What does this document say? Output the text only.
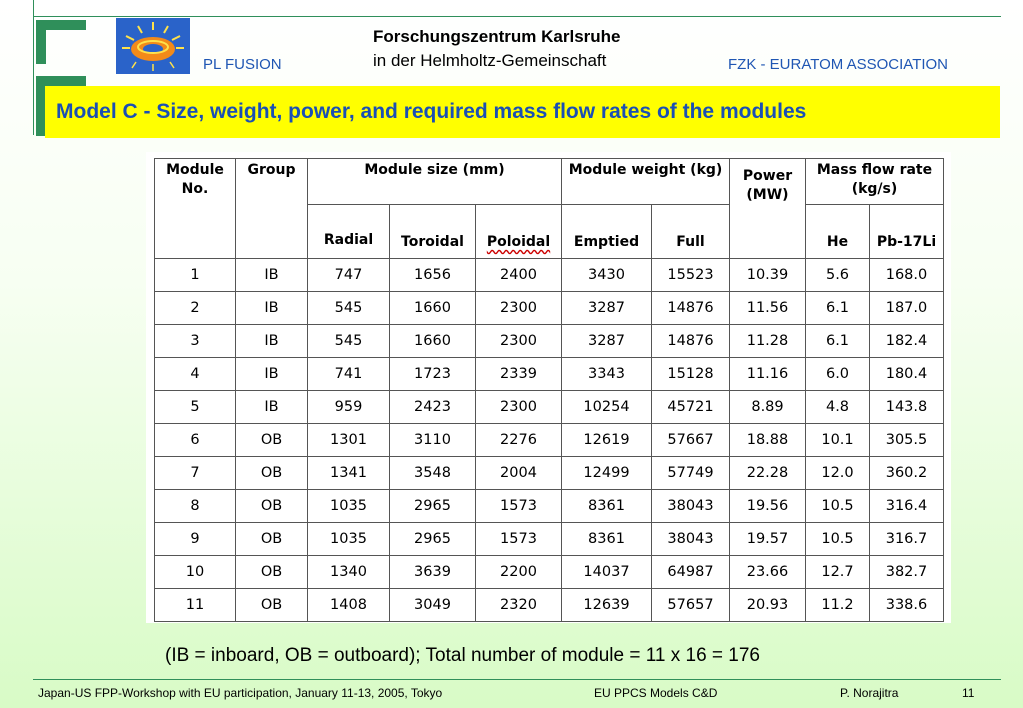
Forschungszentrum Karlsruhe
in der Helmholtz-Gemeinschaft
PL FUSION	FZK - EURATOM ASSOCIATION
Model C - Size, weight, power, and required mass flow rates of the modules
Module No.	Group	Module size (mm)			Module weight (kg)		Power (MW)	Mass flow rate (kg/s)	
		Radial	Toroidal	Poloidal	Emptied	Full		He	Pb-17Li
1	IB	747	1656	2400	3430	15523	10.39	5.6	168.0
2	IB	545	1660	2300	3287	14876	11.56	6.1	187.0
3	IB	545	1660	2300	3287	14876	11.28	6.1	182.4
4	IB	741	1723	2339	3343	15128	11.16	6.0	180.4
5	IB	959	2423	2300	10254	45721	8.89	4.8	143.8
6	OB	1301	3110	2276	12619	57667	18.88	10.1	305.5
7	OB	1341	3548	2004	12499	57749	22.28	12.0	360.2
8	OB	1035	2965	1573	8361	38043	19.56	10.5	316.4
9	OB	1035	2965	1573	8361	38043	19.57	10.5	316.7
10	OB	1340	3639	2200	14037	64987	23.66	12.7	382.7
11	OB	1408	3049	2320	12639	57657	20.93	11.2	338.6
(IB = inboard, OB = outboard); Total number of module = 11 x 16 = 176
Japan-US FPP-Workshop with EU participation, January 11-13, 2005, Tokyo	EU PPCS Models C&D	P. Norajitra	11
